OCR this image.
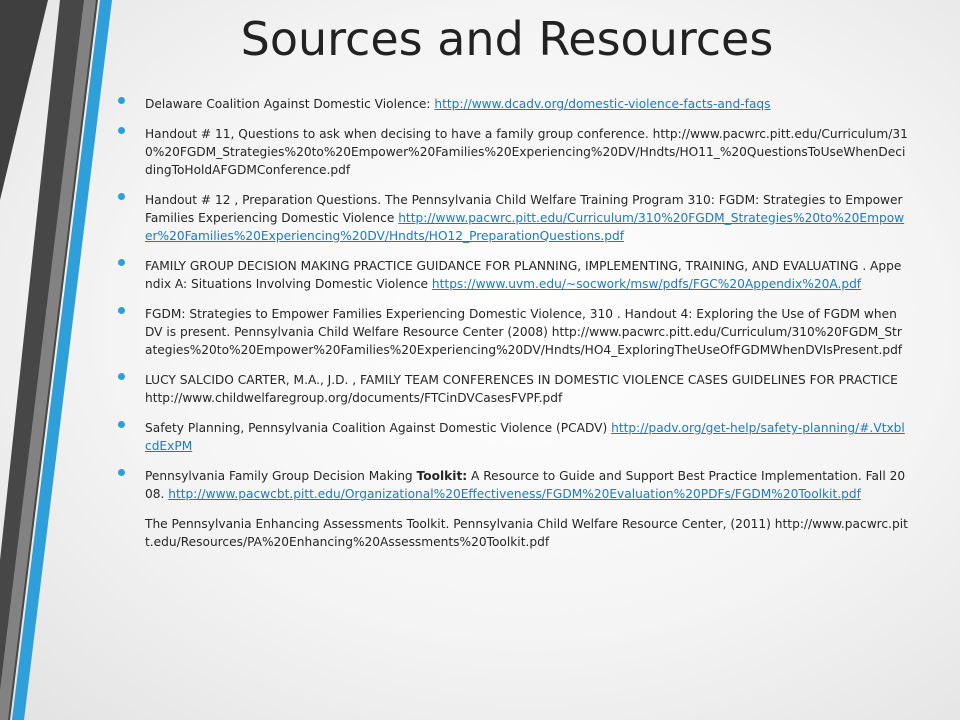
Sources and Resources
Delaware Coalition Against Domestic Violence: http://www.dcadv.org/domestic-violence-facts-and-faqs
Handout # 11, Questions to ask when decising to have a family group conference. http://www.pacwrc.pitt.edu/Curriculum/310%20FGDM_Strategies%20to%20Empower%20Families%20Experiencing%20DV/Hndts/HO11_%20QuestionsToUseWhenDecidingToHoldAFGDMConference.pdf
Handout # 12 , Preparation Questions. The Pennsylvania Child Welfare Training Program 310: FGDM: Strategies to Empower Families Experiencing Domestic Violence http://www.pacwrc.pitt.edu/Curriculum/310%20FGDM_Strategies%20to%20Empower%20Families%20Experiencing%20DV/Hndts/HO12_PreparationQuestions.pdf
FAMILY GROUP DECISION MAKING PRACTICE GUIDANCE FOR PLANNING, IMPLEMENTING, TRAINING, AND EVALUATING . Appendix A: Situations Involving Domestic Violence https://www.uvm.edu/~socwork/msw/pdfs/FGC%20Appendix%20A.pdf
FGDM: Strategies to Empower Families Experiencing Domestic Violence, 310 . Handout 4: Exploring the Use of FGDM when DV is present. Pennsylvania Child Welfare Resource Center (2008) http://www.pacwrc.pitt.edu/Curriculum/310%20FGDM_Strategies%20to%20Empower%20Families%20Experiencing%20DV/Hndts/HO4_ExploringTheUseOfFGDMWhenDVIsPresent.pdf
LUCY SALCIDO CARTER, M.A., J.D. , FAMILY TEAM CONFERENCES IN DOMESTIC VIOLENCE CASES GUIDELINES FOR PRACTICE http://www.childwelfaregroup.org/documents/FTCinDVCasesFVPF.pdf
Safety Planning, Pennsylvania Coalition Against Domestic Violence (PCADV) http://padv.org/get-help/safety-planning/#.VtxblcdExPM
Pennsylvania Family Group Decision Making Toolkit: A Resource to Guide and Support Best Practice Implementation. Fall 2008. http://www.pacwcbt.pitt.edu/Organizational%20Effectiveness/FGDM%20Evaluation%20PDFs/FGDM%20Toolkit.pdf
The Pennsylvania Enhancing Assessments Toolkit. Pennsylvania Child Welfare Resource Center, (2011) http://www.pacwrc.pitt.edu/Resources/PA%20Enhancing%20Assessments%20Toolkit.pdf
